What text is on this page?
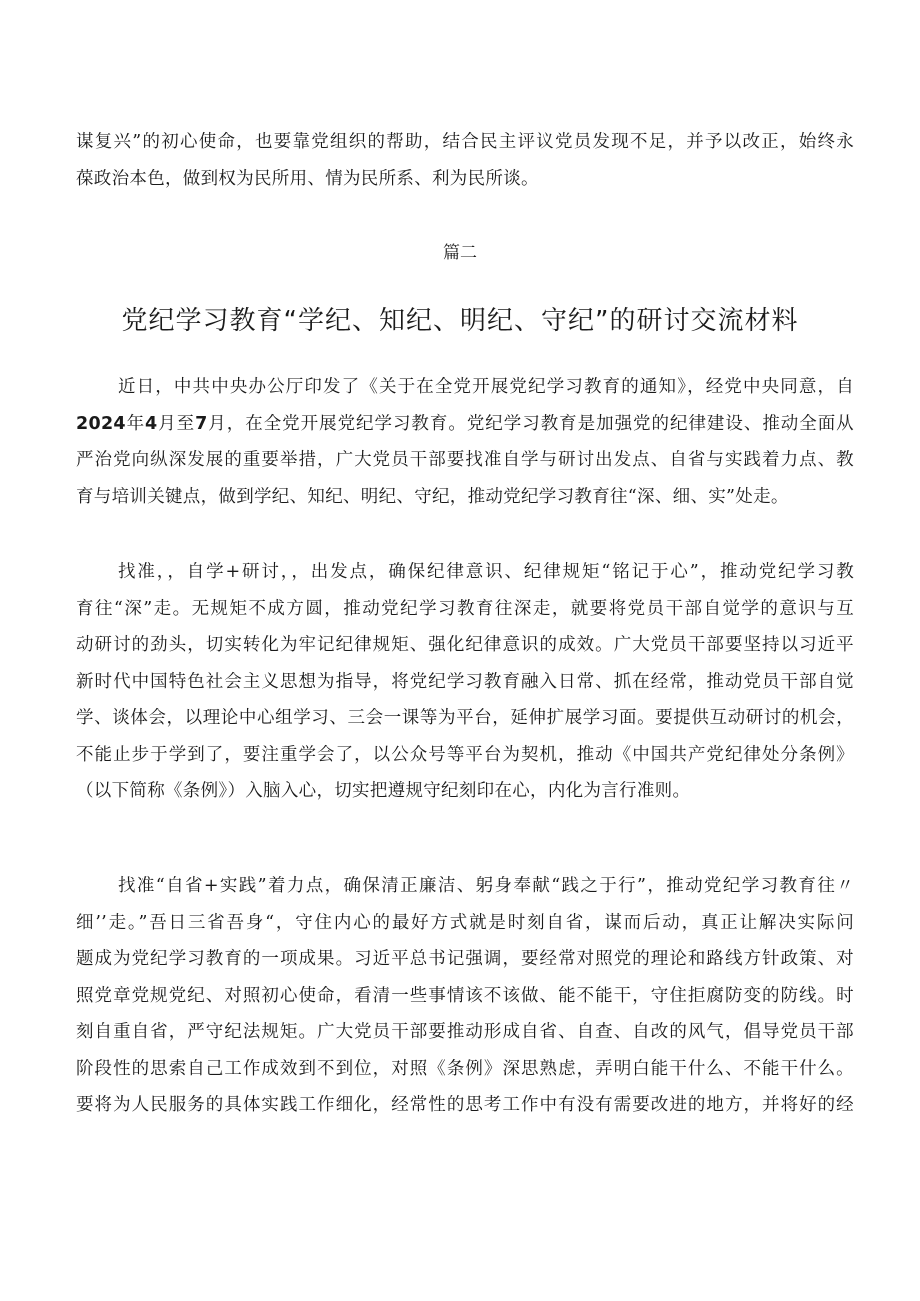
谋复兴”的初心使命，也要靠党组织的帮助，结合民主评议党员发现不足，并予以改正，始终永
葆政治本色，做到权为民所用、情为民所系、利为民所谈。

篇二

党纪学习教育“学纪、知纪、明纪、守纪”的研讨交流材料
近日，中共中央办公厅印发了《关于在全党开展党纪学习教育的通知》，经党中央同意，自
2024年4月至7月，在全党开展党纪学习教育。党纪学习教育是加强党的纪律建设、推动全面从
严治党向纵深发展的重要举措，广大党员干部要找准自学与研讨出发点、自省与实践着力点、教
育与培训关键点，做到学纪、知纪、明纪、守纪，推动党纪学习教育往“深、细、实”处走。
找准，，自学+研讨，，出发点，确保纪律意识、纪律规矩“铭记于心”，推动党纪学习教
育往“深”走。无规矩不成方圆，推动党纪学习教育往深走，就要将党员干部自觉学的意识与互
动研讨的劲头，切实转化为牢记纪律规矩、强化纪律意识的成效。广大党员干部要坚持以习近平
新时代中国特色社会主义思想为指导，将党纪学习教育融入日常、抓在经常，推动党员干部自觉
学、谈体会，以理论中心组学习、三会一课等为平台，延伸扩展学习面。要提供互动研讨的机会，
不能止步于学到了，要注重学会了，以公众号等平台为契机，推动《中国共产党纪律处分条例》
（以下简称《条例》）入脑入心，切实把遵规守纪刻印在心，内化为言行准则。
找准“自省+实践”着力点，确保清正廉洁、躬身奉献“践之于行”，推动党纪学习教育往〃
细’’走。”吾日三省吾身“，守住内心的最好方式就是时刻自省，谋而后动，真正让解决实际问
题成为党纪学习教育的一项成果。习近平总书记强调，要经常对照党的理论和路线方针政策、对
照党章党规党纪、对照初心使命，看清一些事情该不该做、能不能干，守住拒腐防变的防线。时
刻自重自省，严守纪法规矩。广大党员干部要推动形成自省、自查、自改的风气，倡导党员干部
阶段性的思索自己工作成效到不到位，对照《条例》深思熟虑，弄明白能干什么、不能干什么。
要将为人民服务的具体实践工作细化，经常性的思考工作中有没有需要改进的地方，并将好的经
